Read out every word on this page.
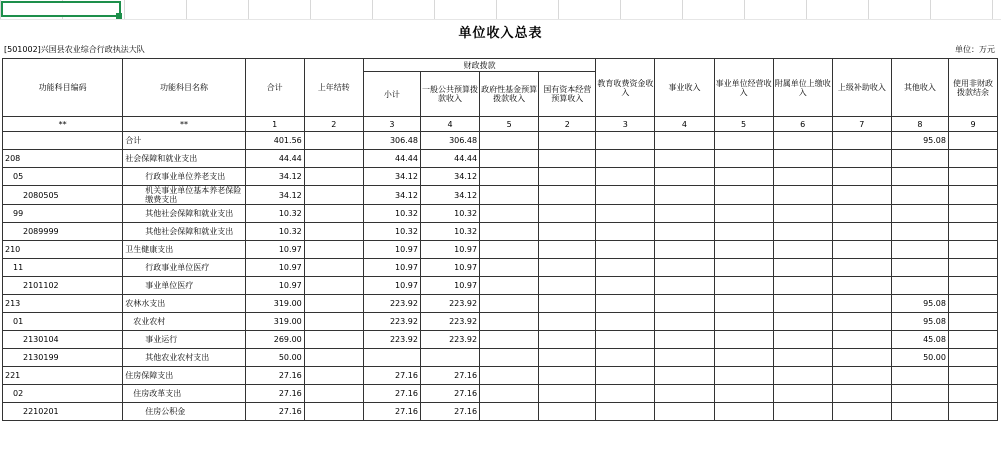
单位收入总表
[501002]兴国县农业综合行政执法大队	单位：万元
功能科目编码	功能科目名称	合计	上年结转	财政拨款				教育收费资金收入	事业收入	事业单位经营收入	附属单位上缴收入	上级补助收入	其他收入	使用非财政拨款结余
				小计	一般公共预算拨款收入	政府性基金预算拨款收入	国有资本经营预算收入							
**	**	1	2	3	4	5	2	3	4	5	6	7	8	9
	合计	401.56		306.48	306.48								95.08	
208	社会保障和就业支出	44.44		44.44	44.44									
05	行政事业单位养老支出	34.12		34.12	34.12									
2080505	机关事业单位基本养老保险缴费支出	34.12		34.12	34.12									
99	其他社会保障和就业支出	10.32		10.32	10.32									
2089999	其他社会保障和就业支出	10.32		10.32	10.32									
210	卫生健康支出	10.97		10.97	10.97									
11	行政事业单位医疗	10.97		10.97	10.97									
2101102	事业单位医疗	10.97		10.97	10.97									
213	农林水支出	319.00		223.92	223.92								95.08	
01	农业农村	319.00		223.92	223.92								95.08	
2130104	事业运行	269.00		223.92	223.92								45.08	
2130199	其他农业农村支出	50.00											50.00	
221	住房保障支出	27.16		27.16	27.16									
02	住房改革支出	27.16		27.16	27.16									
2210201	住房公积金	27.16		27.16	27.16									
